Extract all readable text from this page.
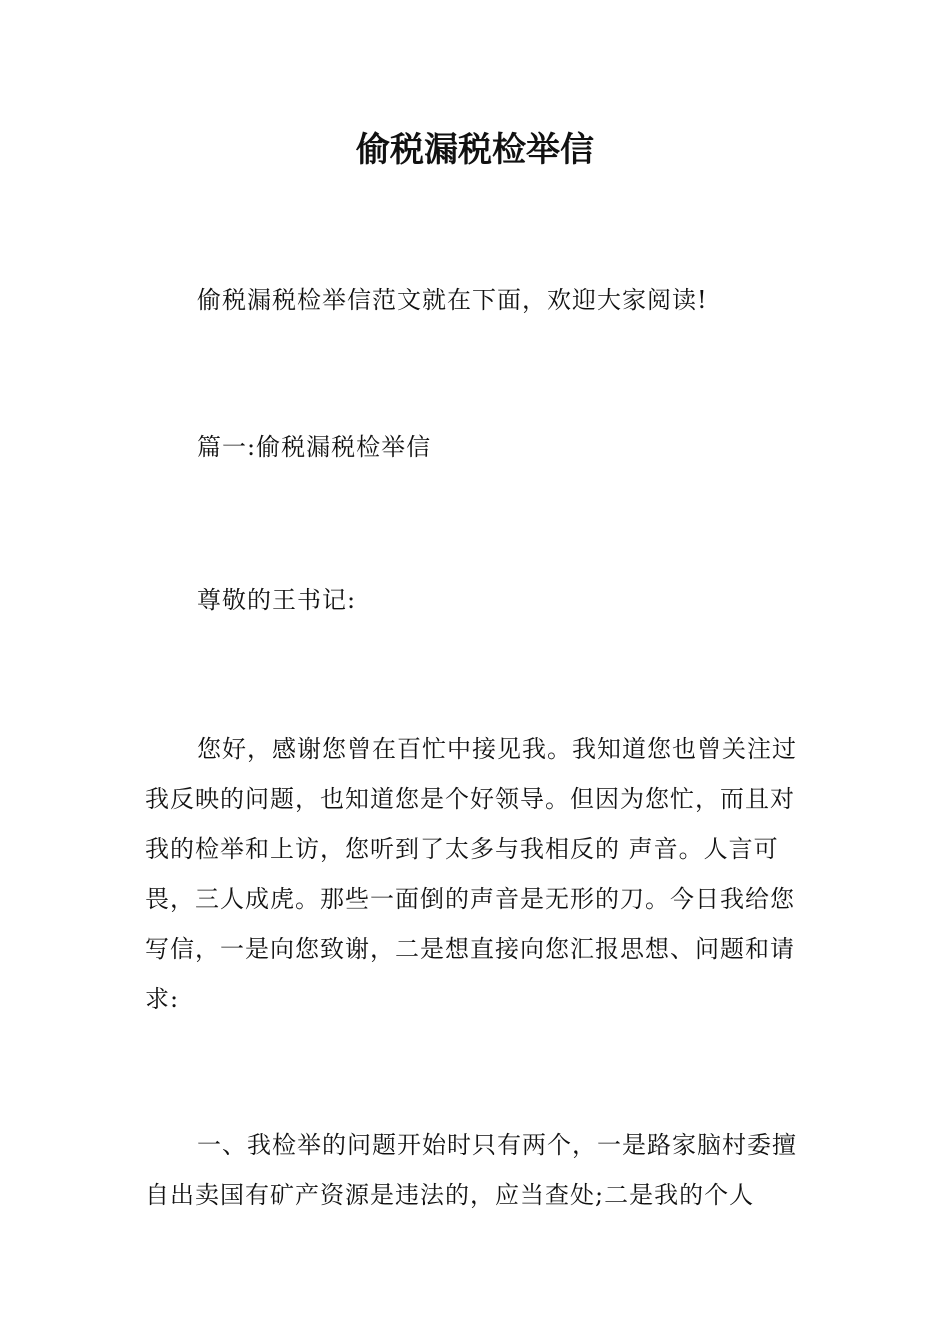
偷税漏税检举信

偷税漏税检举信范文就在下面，欢迎大家阅读!

篇一:偷税漏税检举信

尊敬的王书记:

您好，感谢您曾在百忙中接见我。我知道您也曾关注过我反映的问题，也知道您是个好领导。但因为您忙，而且对我的检举和上访，您听到了太多与我相反的 声音。人言可畏，三人成虎。那些一面倒的声音是无形的刀。今日我给您写信，一是向您致谢，二是想直接向您汇报思想、问题和请求:

一、我检举的问题开始时只有两个，一是路家脑村委擅自出卖国有矿产资源是违法的，应当查处;二是我的个人
